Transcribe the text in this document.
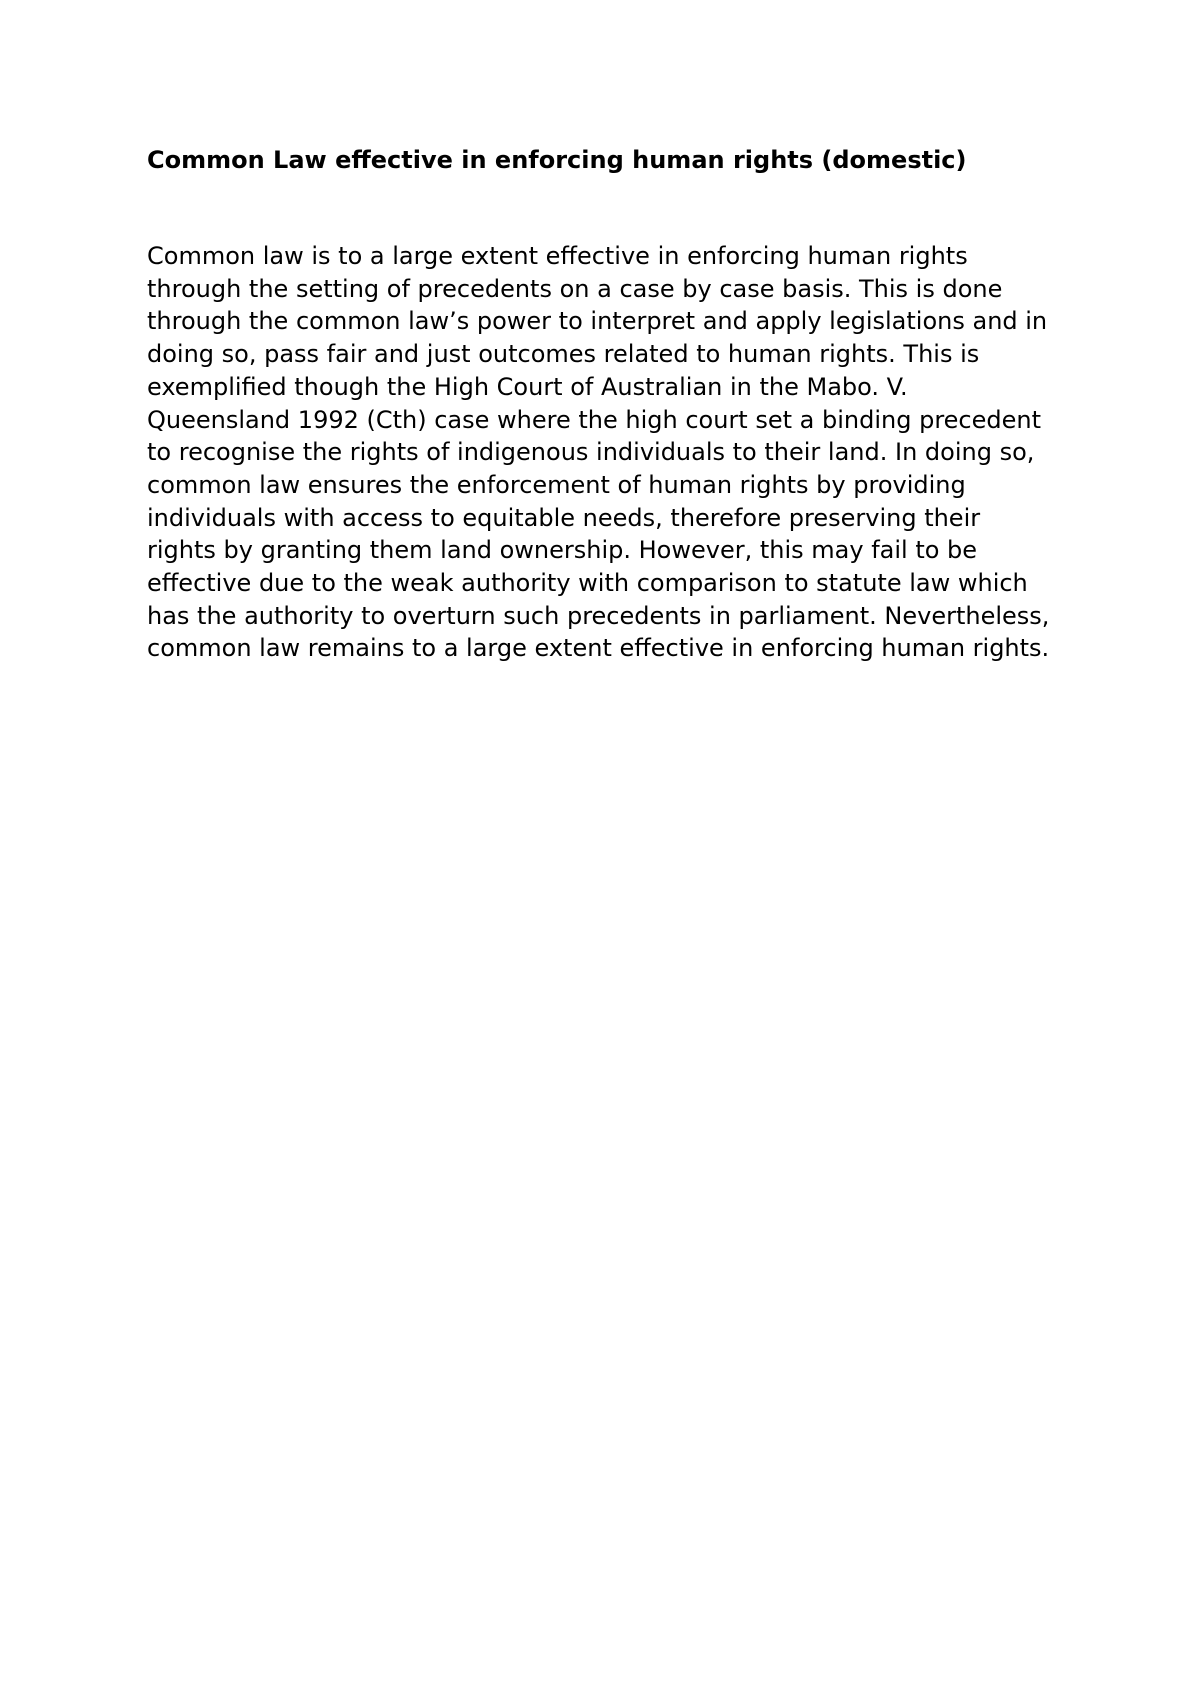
Common Law effective in enforcing human rights (domestic)

Common law is to a large extent effective in enforcing human rights
through the setting of precedents on a case by case basis. This is done
through the common law’s power to interpret and apply legislations and in
doing so, pass fair and just outcomes related to human rights. This is
exemplified though the High Court of Australian in the Mabo. V.
Queensland 1992 (Cth) case where the high court set a binding precedent
to recognise the rights of indigenous individuals to their land. In doing so,
common law ensures the enforcement of human rights by providing
individuals with access to equitable needs, therefore preserving their
rights by granting them land ownership. However, this may fail to be
effective due to the weak authority with comparison to statute law which
has the authority to overturn such precedents in parliament. Nevertheless,
common law remains to a large extent effective in enforcing human rights.
